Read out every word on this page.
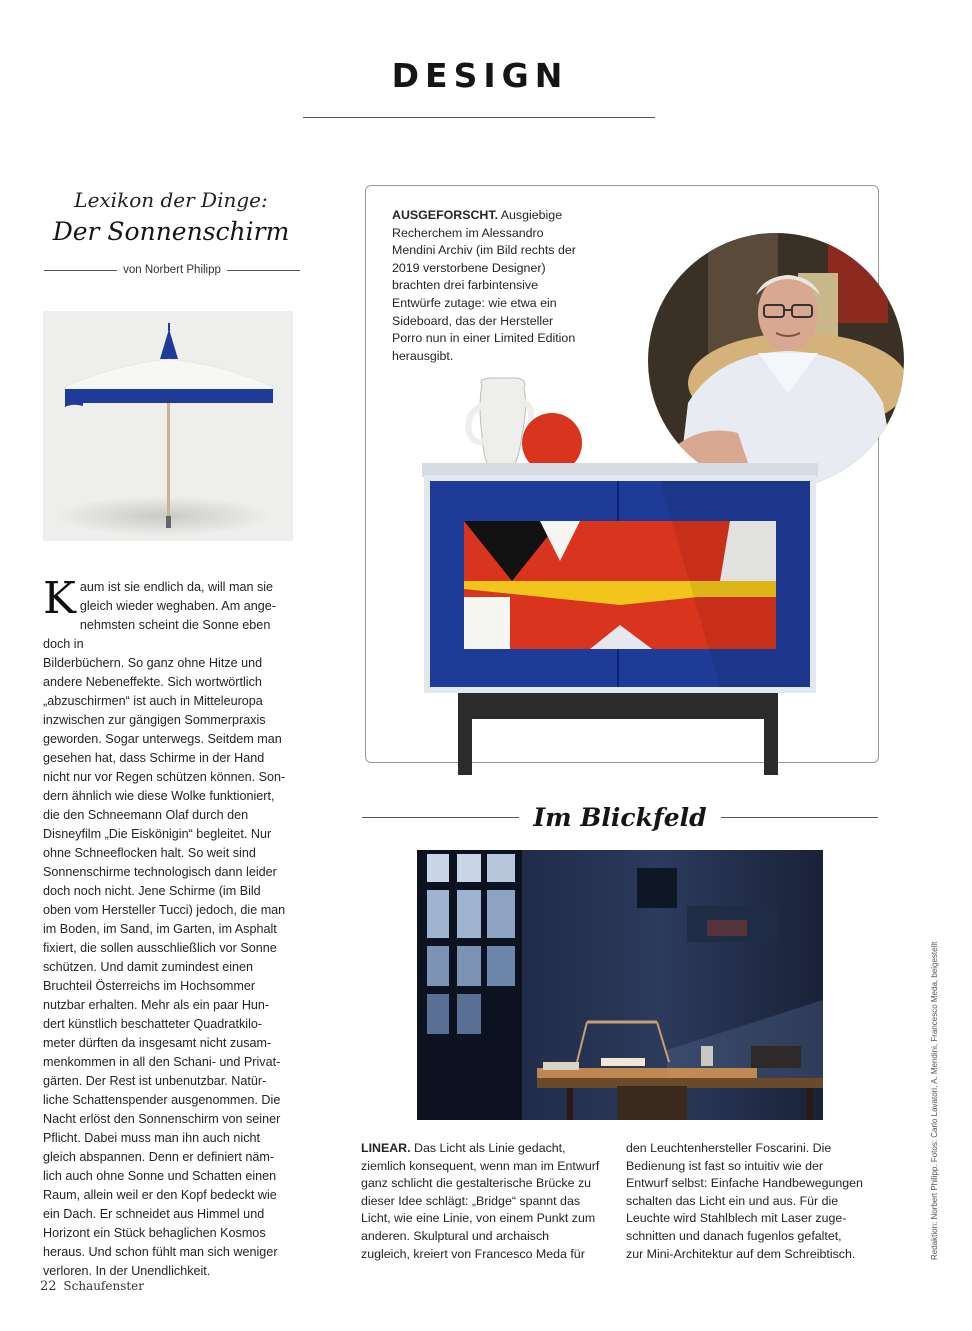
DESIGN
Lexikon der Dinge:
Der Sonnenschirm
von Norbert Philipp
K aum ist sie endlich da, will man sie
gleich wieder weghaben. Am ange-
nehmsten scheint die Sonne eben doch in
Bilderbüchern. So ganz ohne Hitze und
andere Nebeneffekte. Sich wortwörtlich
„abzuschirmen“ ist auch in Mitteleuropa
inzwischen zur gängigen Sommerpraxis
geworden. Sogar unterwegs. Seitdem man
gesehen hat, dass Schirme in der Hand
nicht nur vor Regen schützen können. Son-
dern ähnlich wie diese Wolke funktioniert,
die den Schneemann Olaf durch den
Disneyfilm „Die Eiskönigin“ begleitet. Nur
ohne Schneeflocken halt. So weit sind
Sonnenschirme technologisch dann leider
doch noch nicht. Jene Schirme (im Bild
oben vom Hersteller Tucci) jedoch, die man
im Boden, im Sand, im Garten, im Asphalt
fixiert, die sollen ausschließlich vor Sonne
schützen. Und damit zumindest einen
Bruchteil Österreichs im Hochsommer
nutzbar erhalten. Mehr als ein paar Hun-
dert künstlich beschatteter Quadratkilo-
meter dürften da insgesamt nicht zusam-
menkommen in all den Schani- und Privat-
gärten. Der Rest ist unbenutzbar. Natür-
liche Schattenspender ausgenommen. Die
Nacht erlöst den Sonnenschirm von seiner
Pflicht. Dabei muss man ihn auch nicht
gleich abspannen. Denn er definiert näm-
lich auch ohne Sonne und Schatten einen
Raum, allein weil er den Kopf bedeckt wie
ein Dach. Er schneidet aus Himmel und
Horizont ein Stück behaglichen Kosmos
heraus. Und schon fühlt man sich weniger
verloren. In der Unendlichkeit.
22 Schaufenster
AUSGEFORSCHT. Ausgiebige
Recherchem im Alessandro
Mendini Archiv (im Bild rechts der
2019 verstorbene Designer)
brachten drei farbintensive
Entwürfe zutage: wie etwa ein
Sideboard, das der Hersteller
Porro nun in einer Limited Edition
herausgibt.
Im Blickfeld
LINEAR. Das Licht als Linie gedacht,
ziemlich konsequent, wenn man im Entwurf
ganz schlicht die gestalterische Brücke zu
dieser Idee schlägt: „Bridge“ spannt das
Licht, wie eine Linie, von einem Punkt zum
anderen. Skulptural und archaisch
zugleich, kreiert von Francesco Meda für
den Leuchtenhersteller Foscarini. Die
Bedienung ist fast so intuitiv wie der
Entwurf selbst: Einfache Handbewegungen
schalten das Licht ein und aus. Für die
Leuchte wird Stahlblech mit Laser zuge-
schnitten und danach fugenlos gefaltet,
zur Mini-Architektur auf dem Schreibtisch.	Redaktion: Norbert Philipp. Fotos: Carlo Lavatori, A. Mendini, Francesco Meda, beigestellt
